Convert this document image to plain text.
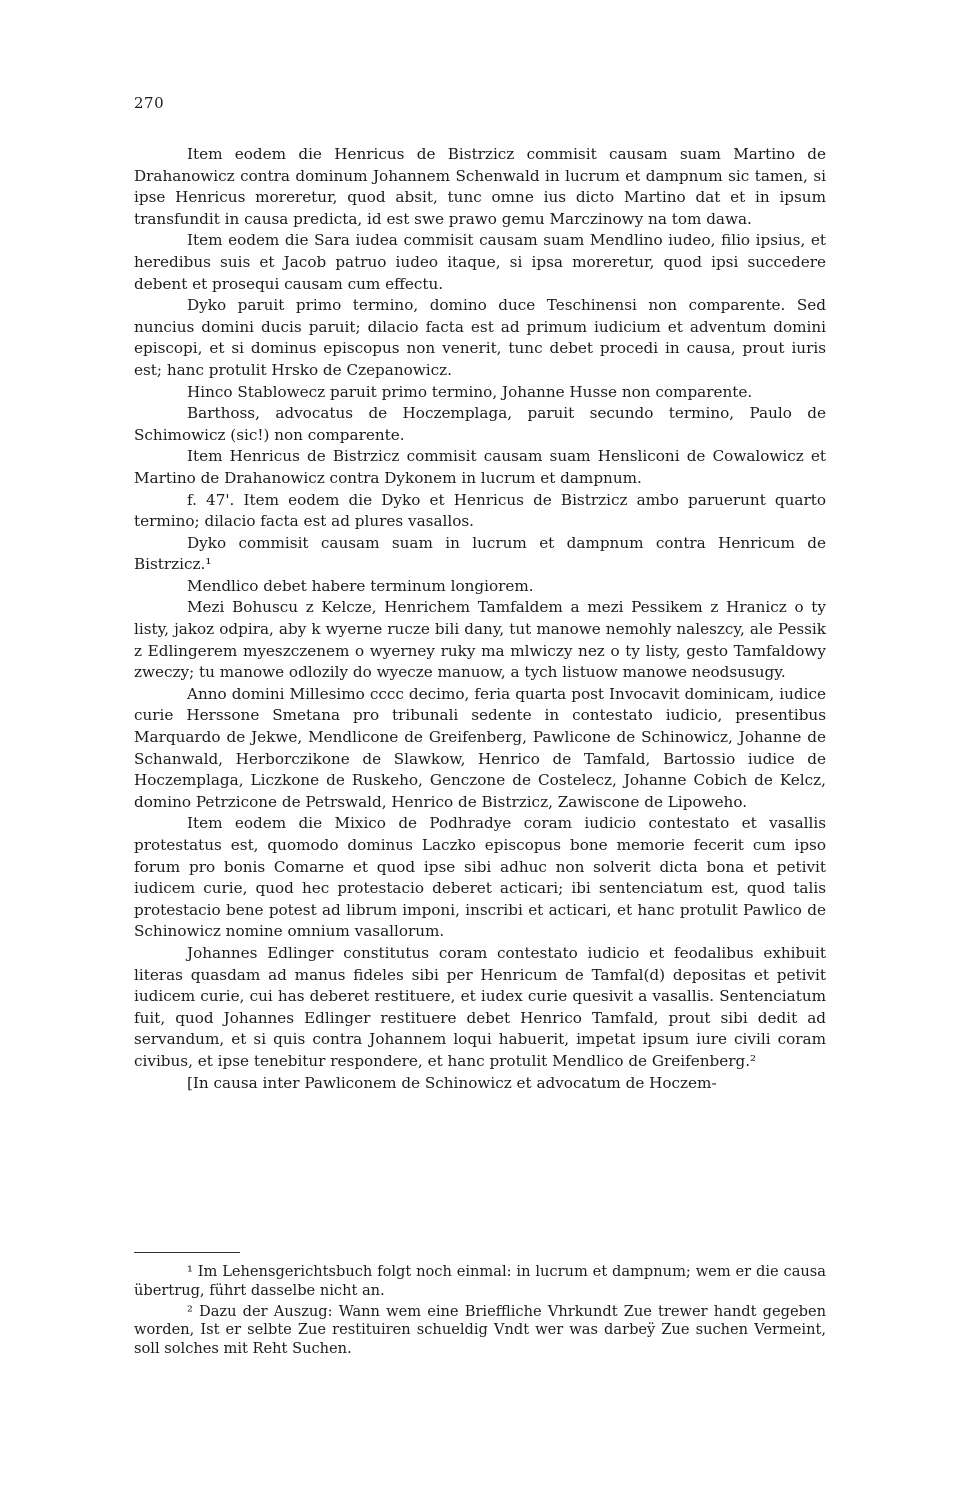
270

Item eodem die Henricus de Bistrzicz commisit causam suam Martino de Drahanowicz contra dominum Johannem Schenwald in lucrum et dampnum sic tamen, si ipse Henricus moreretur, quod absit, tunc omne ius dicto Martino dat et in ipsum transfundit in causa predicta, id est swe prawo gemu Marczinowy na tom dawa.

Item eodem die Sara iudea commisit causam suam Mendlino iudeo, filio ipsius, et heredibus suis et Jacob patruo iudeo itaque, si ipsa moreretur, quod ipsi succedere debent et prosequi causam cum effectu.

Dyko paruit primo termino, domino duce Teschinensi non comparente. Sed nuncius domini ducis paruit; dilacio facta est ad primum iudicium et adventum domini episcopi, et si dominus episcopus non venerit, tunc debet procedi in causa, prout iuris est; hanc protulit Hrsko de Czepanowicz.

Hinco Stablowecz paruit primo termino, Johanne Husse non comparente.

Barthoss, advocatus de Hoczemplaga, paruit secundo termino, Paulo de Schimowicz (sic!) non comparente.

Item Henricus de Bistrzicz commisit causam suam Hensliconi de Cowalowicz et Martino de Drahanowicz contra Dykonem in lucrum et dampnum.

f. 47'. Item eodem die Dyko et Henricus de Bistrzicz ambo paruerunt quarto termino; dilacio facta est ad plures vasallos.

Dyko commisit causam suam in lucrum et dampnum contra Henricum de Bistrzicz.¹

Mendlico debet habere terminum longiorem.

Mezi Bohuscu z Kelcze, Henrichem Tamfaldem a mezi Pessikem z Hranicz o ty listy, jakoz odpira, aby k wyerne rucze bili dany, tut manowe nemohly naleszcy, ale Pessik z Edlingerem myeszczenem o wyerney ruky ma mlwiczy nez o ty listy, gesto Tamfaldowy zweczy; tu manowe odlozily do wyecze manuow, a tych listuow manowe neodsusugy.

Anno domini Millesimo cccc decimo, feria quarta post Invocavit dominicam, iudice curie Herssone Smetana pro tribunali sedente in contestato iudicio, presentibus Marquardo de Jekwe, Mendlicone de Greifenberg, Pawlicone de Schinowicz, Johanne de Schanwald, Herborczikone de Slawkow, Henrico de Tamfald, Bartossio iudice de Hoczemplaga, Liczkone de Ruskeho, Genczone de Costelecz, Johanne Cobich de Kelcz, domino Petrzicone de Petrswald, Henrico de Bistrzicz, Zawiscone de Lipoweho.

Item eodem die Mixico de Podhradye coram iudicio contestato et vasallis protestatus est, quomodo dominus Laczko episcopus bone memorie fecerit cum ipso forum pro bonis Comarne et quod ipse sibi adhuc non solverit dicta bona et petivit iudicem curie, quod hec protestacio deberet acticari; ibi sentenciatum est, quod talis protestacio bene potest ad librum imponi, inscribi et acticari, et hanc protulit Pawlico de Schinowicz nomine omnium vasallorum.

Johannes Edlinger constitutus coram contestato iudicio et feodalibus exhibuit literas quasdam ad manus fideles sibi per Henricum de Tamfal(d) depositas et petivit iudicem curie, cui has deberet restituere, et iudex curie quesivit a vasallis. Sentenciatum fuit, quod Johannes Edlinger restituere debet Henrico Tamfald, prout sibi dedit ad servandum, et si quis contra Johannem loqui habuerit, impetat ipsum iure civili coram civibus, et ipse tenebitur respondere, et hanc protulit Mendlico de Greifenberg.²

[In causa inter Pawliconem de Schinowicz et advocatum de Hoczem-

¹ Im Lehensgerichtsbuch folgt noch einmal: in lucrum et dampnum; wem er die causa übertrug, führt dasselbe nicht an.

² Dazu der Auszug: Wann wem eine Brieffliche Vhrkundt Zue trewer handt gegeben worden, Ist er selbte Zue restituiren schueldig Vndt wer was darbeÿ Zue suchen Vermeint, soll solches mit Reht Suchen.
